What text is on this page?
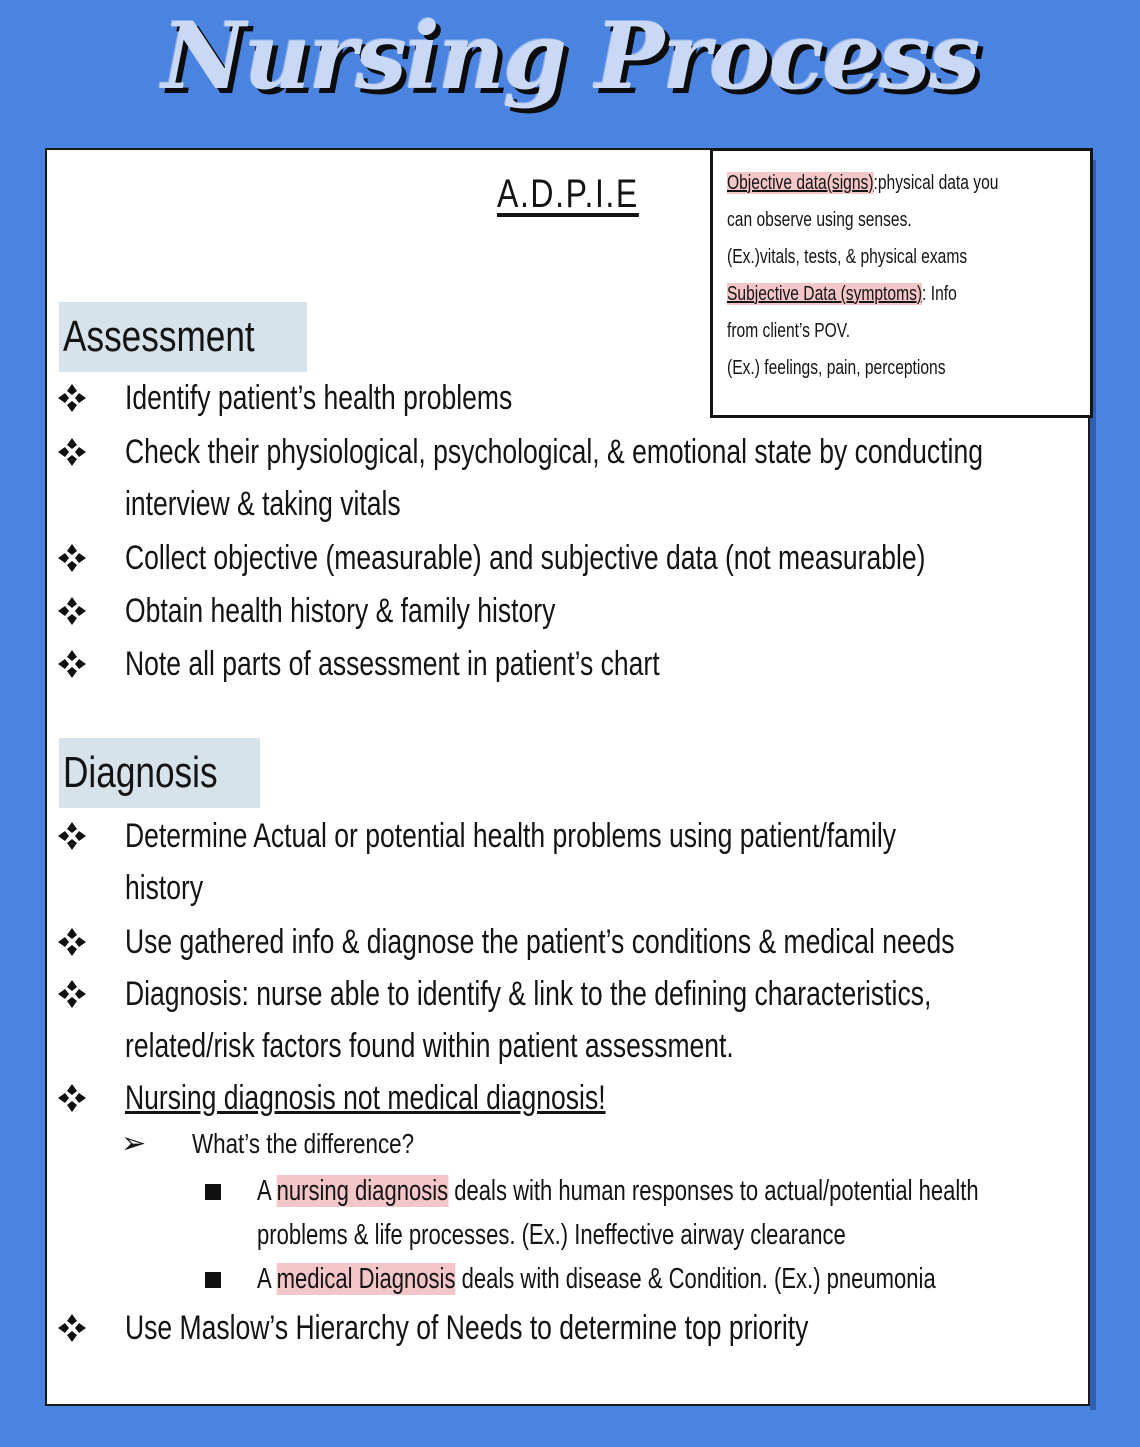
Nursing Process
A.D.P.I.E	Objective data(signs):physical data you
can observe using senses.
(Ex.)vitals, tests, & physical exams
Subjective Data (symptoms): Info
from client’s POV.
(Ex.) feelings, pain, perceptions
Assessment
Identify patient’s health problems
Check their physiological, psychological, & emotional state by conducting
interview & taking vitals
Collect objective (measurable) and subjective data (not measurable)
Obtain health history & family history
Note all parts of assessment in patient’s chart
Diagnosis
Determine Actual or potential health problems using patient/family
history
Use gathered info & diagnose the patient’s conditions & medical needs
Diagnosis: nurse able to identify & link to the defining characteristics,
related/risk factors found within patient assessment.
Nursing diagnosis not medical diagnosis!
➢ What’s the difference?
A nursing diagnosis deals with human responses to actual/potential health
problems & life processes. (Ex.) Ineffective airway clearance
A medical Diagnosis deals with disease & Condition. (Ex.) pneumonia
Use Maslow’s Hierarchy of Needs to determine top priority
